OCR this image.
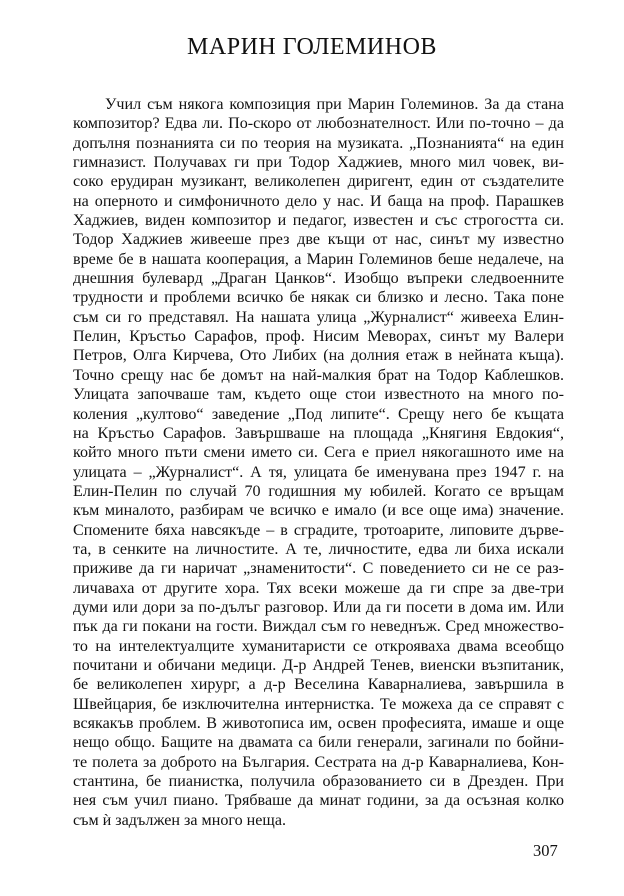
МАРИН ГОЛЕМИНОВ
Учил съм някога композиция при Марин Големинов. За да стана
композитор? Едва ли. По-скоро от любознателност. Или по-точно – да
допълня познанията си по теория на музиката. „Познанията“ на един
гимназист. Получавах ги при Тодор Хаджиев, много мил човек, ви-
соко ерудиран музикант, великолепен диригент, един от създателите
на оперното и симфоничното дело у нас. И баща на проф. Парашкев
Хаджиев, виден композитор и педагог, известен и със строгостта си.
Тодор Хаджиев живееше през две къщи от нас, синът му известно
време бе в нашата кооперация, а Марин Големинов беше недалече, на
днешния булевард „Драган Цанков“. Изобщо въпреки следвоенните
трудности и проблеми всичко бе някак си близко и лесно. Така поне
съм си го представял. На нашата улица „Журналист“ живееха Елин-
Пелин, Кръстьо Сарафов, проф. Нисим Меворах, синът му Валери
Петров, Олга Кирчева, Ото Либих (на долния етаж в нейната къща).
Точно срещу нас бе домът на най-малкия брат на Тодор Каблешков.
Улицата започваше там, където още стои известното на много по-
коления „култово“ заведение „Под липите“. Срещу него бе къщата
на Кръстьо Сарафов. Завършваше на площада „Княгиня Евдокия“,
който много пъти смени името си. Сега е приел някогашното име на
улицата – „Журналист“. А тя, улицата бе именувана през 1947 г. на
Елин-Пелин по случай 70 годишния му юбилей. Когато се връщам
към миналото, разбирам че всичко е имало (и все още има) значение.
Спомените бяха навсякъде – в сградите, тротоарите, липовите дърве-
та, в сенките на личностите. А те, личностите, едва ли биха искали
приживе да ги наричат „знаменитости“. С поведението си не се раз-
личаваха от другите хора. Тях всеки можеше да ги спре за две-три
думи или дори за по-дълъг разговор. Или да ги посети в дома им. Или
пък да ги покани на гости. Виждал съм го неведнъж. Сред множество-
то на интелектуалците хуманитаристи се открояваха двама всеобщо
почитани и обичани медици. Д-р Андрей Тенев, виенски възпитаник,
бе великолепен хирург, а д-р Веселина Каварналиева, завършила в
Швейцария, бе изключителна интернистка. Те можеха да се справят с
всякакъв проблем. В животописа им, освен професията, имаше и още
нещо общо. Бащите на двамата са били генерали, загинали по бойни-
те полета за доброто на България. Сестрата на д-р Каварналиева, Кон-
стантина, бе пианистка, получила образованието си в Дрезден. При
нея съм учил пиано. Трябваше да минат години, за да осъзная колко
съм ѝ задължен за много неща.
307
